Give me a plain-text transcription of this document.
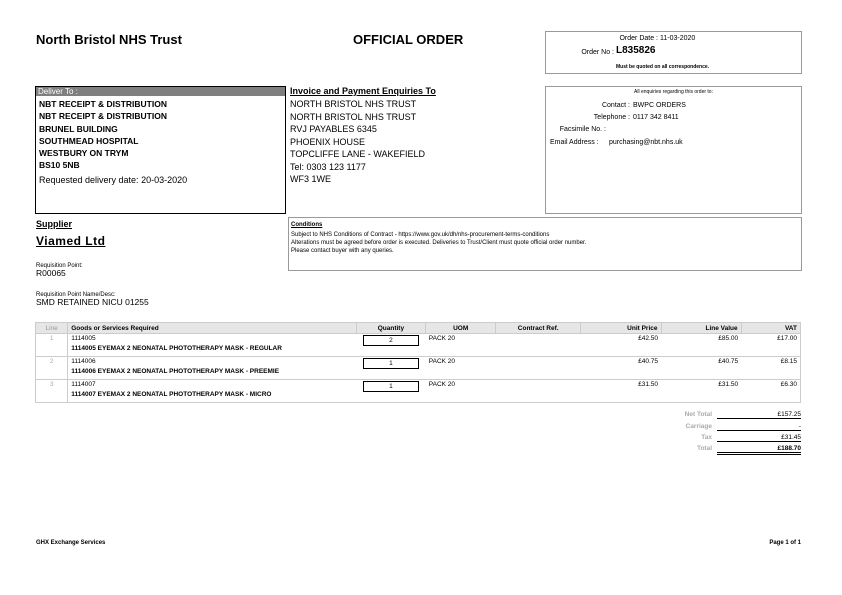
North Bristol NHS Trust	OFFICIAL ORDER	Order Date : 11-03-2020
Order No : L835826
Must be quoted on all correspondence.
Deliver To :
NBT RECEIPT & DISTRIBUTION
NBT RECEIPT & DISTRIBUTION
BRUNEL BUILDING
SOUTHMEAD HOSPITAL
WESTBURY ON TRYM
BS10 5NB
Requested delivery date: 20-03-2020
Invoice and Payment Enquiries To
NORTH BRISTOL NHS TRUST
NORTH BRISTOL NHS TRUST
RVJ PAYABLES 6345
PHOENIX HOUSE
TOPCLIFFE LANE - WAKEFIELD
Tel: 0303 123 1177
WF3 1WE
All enquiries regarding this order to:
Contact : BWPC ORDERS
Telephone : 0117 342 8411
Facsimile No. :
Email Address : purchasing@nbt.nhs.uk
Supplier
Viamed Ltd
Requisition Point:
R00065
Requisition Point Name/Desc:
SMD RETAINED NICU 01255
Conditions
Subject to NHS Conditions of Contract - https://www.gov.uk/dh/nhs-procurement-terms-conditions
Alterations must be agreed before order is executed. Deliveries to Trust/Client must quote official order number.
Please contact buyer with any queries.
Line	Goods or Services Required	Quantity	UOM	Contract Ref.	Unit Price	Line Value	VAT
1	1114005
1114005 EYEMAX 2 NEONATAL PHOTOTHERAPY MASK - REGULAR	2	PACK 20		£42.50	£85.00	£17.00
2	1114006
1114006 EYEMAX 2 NEONATAL PHOTOTHERAPY MASK - PREEMIE	1	PACK 20		£40.75	£40.75	£8.15
3	1114007
1114007 EYEMAX 2 NEONATAL PHOTOTHERAPY MASK - MICRO	1	PACK 20		£31.50	£31.50	£6.30
Net Total	£157.25
Carriage	-
Tax	£31.45
Total	£188.70
GHX Exchange Services	Page 1 of 1
